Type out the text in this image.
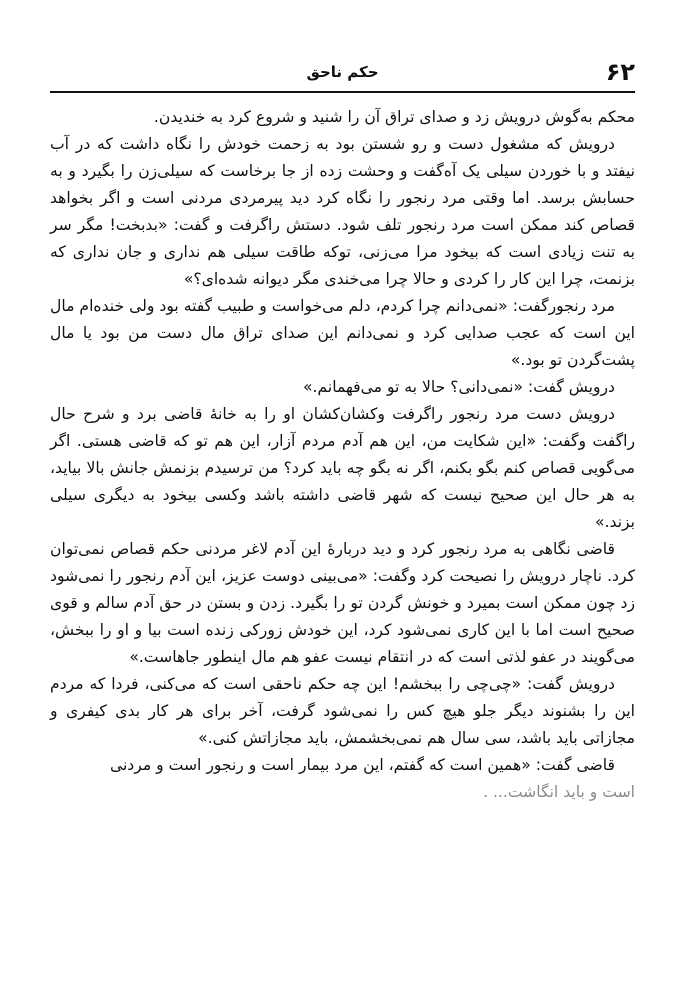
۶۲
حکم ناحق

محکم به‌گوش درویش زد و صدای تراق آن را شنید و شروع کرد به خندیدن.

درویش که مشغول دست و رو شستن بود به زحمت خودش را نگاه داشت که در آب نیفتد و با خوردن سیلی یک آه‌گفت و وحشت زده از جا برخاست که سیلی‌زن را بگیرد و به حسابش برسد. اما وقتی مرد رنجور را نگاه کرد دید پیرمردی مردنی است و اگر بخواهد قصاص کند ممکن است مرد رنجور تلف شود. دستش راگرفت و گفت: «بدبخت! مگر سر به تنت زیادی است که بیخود مرا می‌زنی، توکه طاقت سیلی هم نداری و جان نداری که بزنمت، چرا این کار را کردی و حالا چرا می‌خندی مگر دیوانه شده‌ای؟»

مرد رنجورگفت: «نمی‌دانم چرا کردم، دلم می‌خواست و طبیب گفته بود ولی خنده‌ام مال این است که عجب صدایی کرد و نمی‌دانم این صدای تراق مال دست من بود یا مال پشت‌گردن تو بود.»

درویش گفت: «نمی‌دانی؟ حالا به تو می‌فهمانم.»

درویش دست مرد رنجور راگرفت وکشان‌کشان او را به خانهٔ قاضی برد و شرح حال راگفت وگفت: «این شکایت من، این هم آدم مردم آزار، این هم تو که قاضی هستی. اگر می‌گویی قصاص کنم بگو بکنم، اگر نه بگو چه باید کرد؟ من ترسیدم بزنمش جانش بالا بیاید، به هر حال این صحیح نیست که شهر قاضی داشته باشد وکسی بیخود به دیگری سیلی بزند.»

قاضی نگاهی به مرد رنجور کرد و دید دربارهٔ این آدم لاغر مردنی حکم قصاص نمی‌توان کرد. ناچار درویش را نصیحت کرد وگفت: «می‌بینی دوست عزیز، این آدم رنجور را نمی‌شود زد چون ممکن است بمیرد و خونش گردن تو را بگیرد. زدن و بستن در حق آدم سالم و قوی صحیح است اما با این کاری نمی‌شود کرد، این خودش زورکی زنده است بیا و او را ببخش، می‌گویند در عفو لذتی است که در انتقام نیست عفو هم مال اینطور جاهاست.»

درویش گفت: «چی‌چی را ببخشم! این چه حکم ناحقی است که می‌کنی، فردا که مردم این را بشنوند دیگر جلو هیچ کس را نمی‌شود گرفت، آخر برای هر کار بدی کیفری و مجازاتی باید باشد، سی سال هم نمی‌بخشمش، باید مجازاتش کنی.»

قاضی گفت: «همین است که گفتم، این مرد بیمار است و رنجور است و مردنی

است و باید انگاشت... .
